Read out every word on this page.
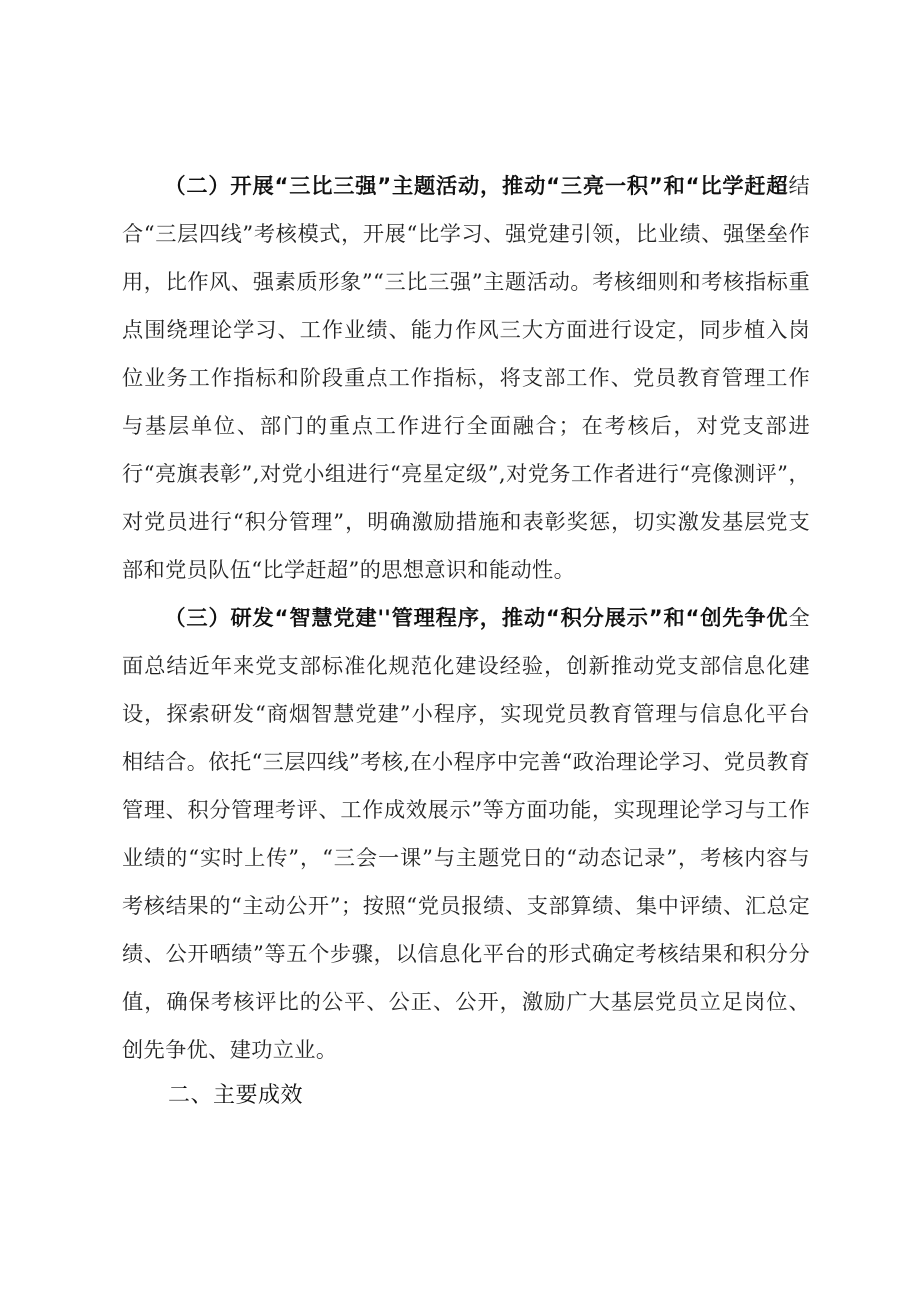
（二）开展“三比三强”主题活动，推动“三亮一积”和“比学赶超结合“三层四线”考核模式，开展“比学习、强党建引领，比业绩、强堡垒作用，比作风、强素质形象”“三比三强”主题活动。考核细则和考核指标重点围绕理论学习、工作业绩、能力作风三大方面进行设定，同步植入岗位业务工作指标和阶段重点工作指标，将支部工作、党员教育管理工作与基层单位、部门的重点工作进行全面融合；在考核后，对党支部进行“亮旗表彰”,对党小组进行“亮星定级”,对党务工作者进行“亮像测评”，对党员进行“积分管理”，明确激励措施和表彰奖惩，切实激发基层党支部和党员队伍“比学赶超”的思想意识和能动性。

（三）研发“智慧党建''管理程序，推动“积分展示”和“创先争优全面总结近年来党支部标准化规范化建设经验，创新推动党支部信息化建设，探索研发“商烟智慧党建”小程序，实现党员教育管理与信息化平台相结合。依托“三层四线”考核,在小程序中完善“政治理论学习、党员教育管理、积分管理考评、工作成效展示”等方面功能，实现理论学习与工作业绩的“实时上传”，“三会一课”与主题党日的“动态记录”，考核内容与考核结果的“主动公开”；按照“党员报绩、支部算绩、集中评绩、汇总定绩、公开晒绩”等五个步骤，以信息化平台的形式确定考核结果和积分分值，确保考核评比的公平、公正、公开，激励广大基层党员立足岗位、创先争优、建功立业。

二、主要成效
